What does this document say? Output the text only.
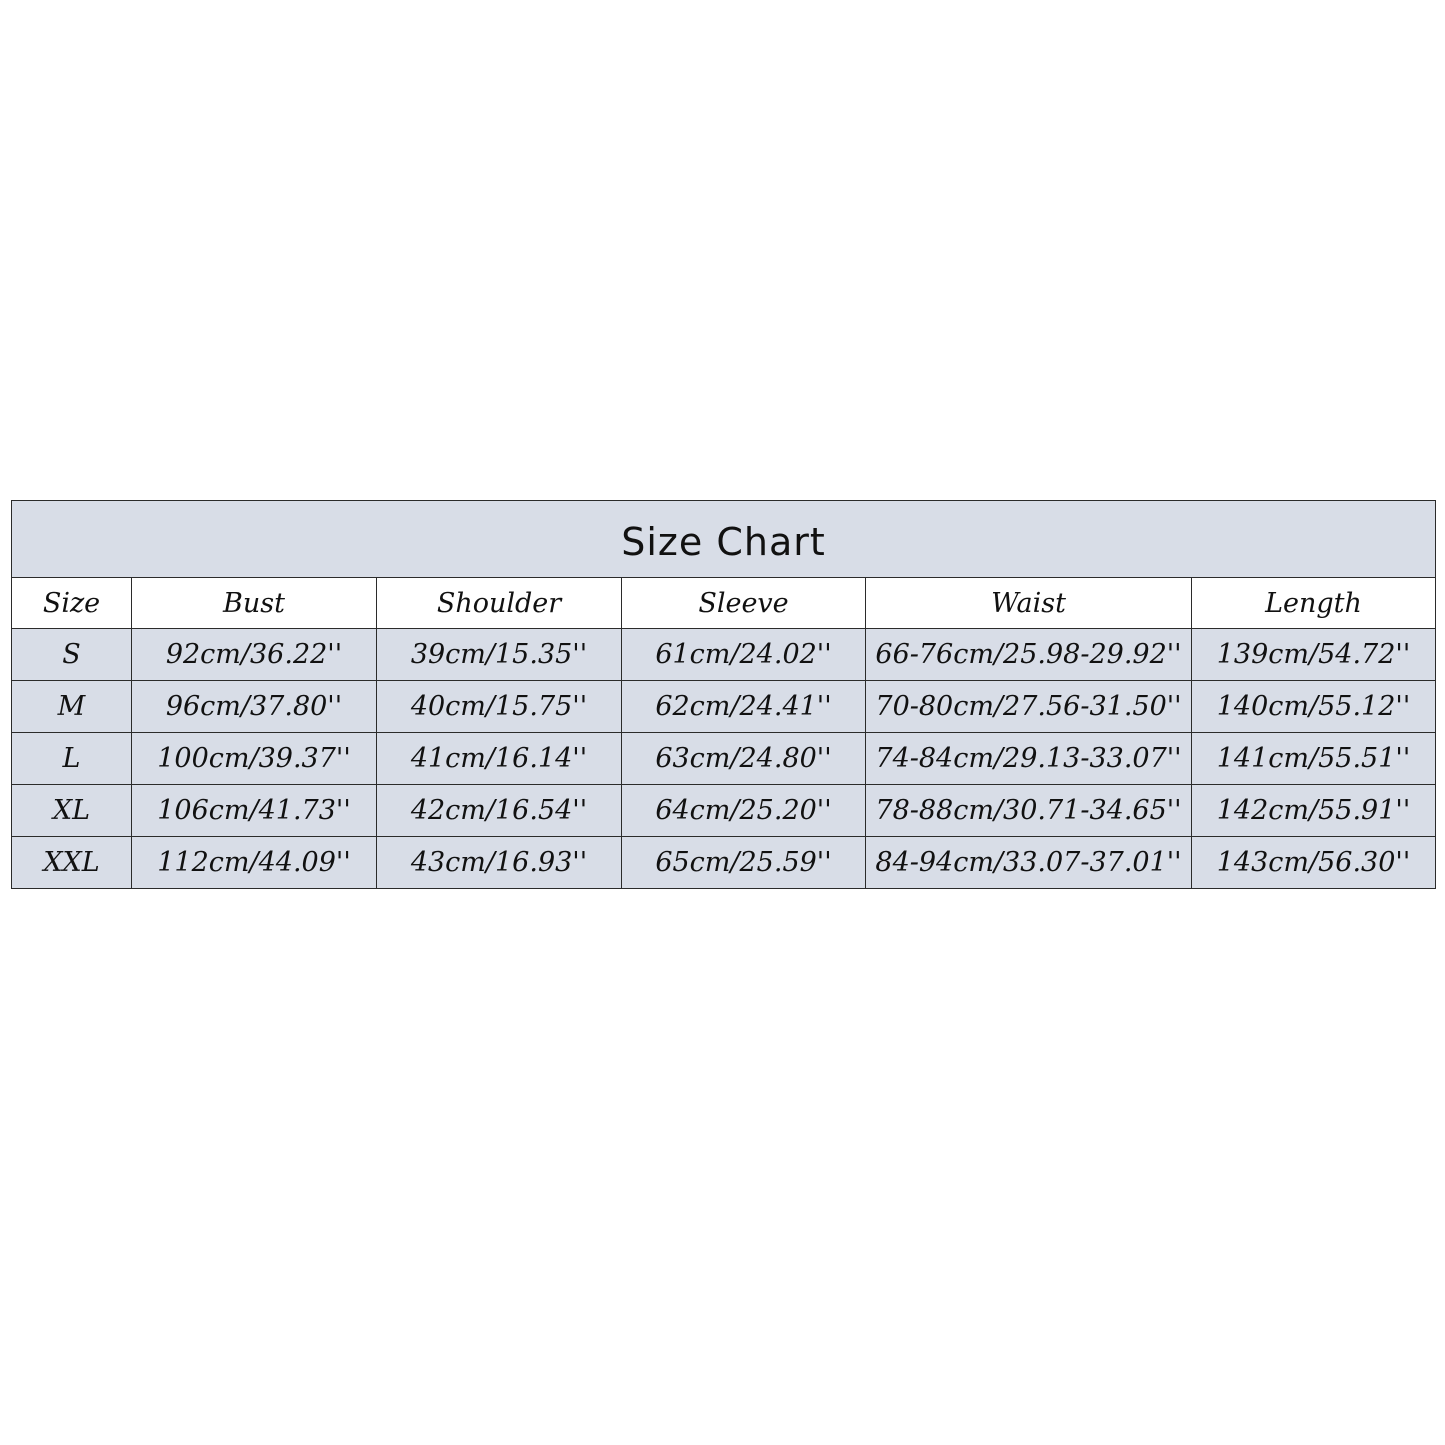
Size Chart					
Size	Bust	Shoulder	Sleeve	Waist	Length
S	92cm/36.22''	39cm/15.35''	61cm/24.02''	66-76cm/25.98-29.92''	139cm/54.72''
M	96cm/37.80''	40cm/15.75''	62cm/24.41''	70-80cm/27.56-31.50''	140cm/55.12''
L	100cm/39.37''	41cm/16.14''	63cm/24.80''	74-84cm/29.13-33.07''	141cm/55.51''
XL	106cm/41.73''	42cm/16.54''	64cm/25.20''	78-88cm/30.71-34.65''	142cm/55.91''
XXL	112cm/44.09''	43cm/16.93''	65cm/25.59''	84-94cm/33.07-37.01''	143cm/56.30''
